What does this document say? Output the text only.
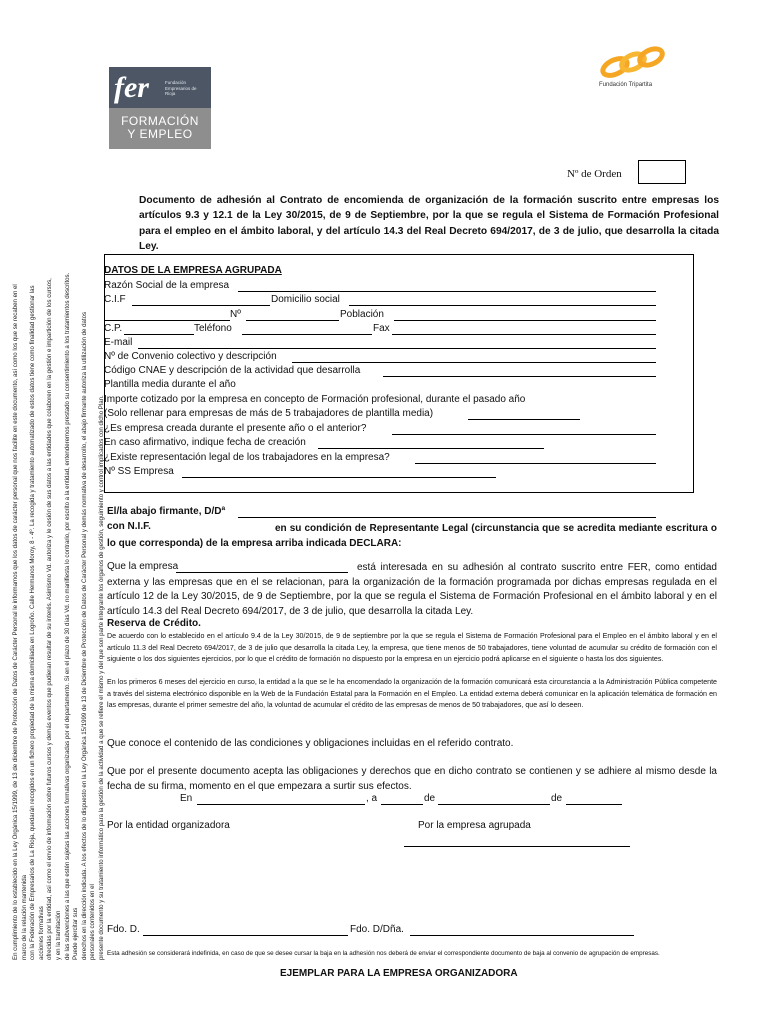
En cumplimiento de lo establecido en la Ley Orgánica 15/1999, de 13 de diciembre de Protección de Datos de Carácter Personal le informamos que los datos de carácter personal que nos facilite en este documento, así como los que se recaben en el marco de la relación mantenida con la Federación de Empresarios de La Rioja, quedarán recogidos en un fichero propiedad de la misma domiciliada en Logroño. Calle Hermanos Moroy, 8 - 4º. La recogida y tratamiento automatizado de estos datos tiene como finalidad gestionar las acciones formativas ofrecidas por la entidad, así como el envío de información sobre futuros cursos y demás eventos que pudieran resultar de su interés. Asimismo Vd. autoriza y le cesión de sus datos a las entidades que colaboren en la gestión e impartición de los cursos, y en la tramitación de las subvenciones a las que estén sujetas las acciones formativas organizadas por el departamento. Si en el plazo de 30 días Vd. no manifiesta lo contrario, por escrito a la entidad, entenderemos prestado su consentimiento a los tratamientos descritos. Puede ejercitar sus derechos en la dirección indicada. A los efectos de lo dispuesto en la Ley Orgánica 15/1999 de 13 de Diciembre de Protección de Datos de Carácter Personal y demás normativa de desarrollo, el abajo firmante autoriza la utilización de datos personales contenidos en el presente documento y su tratamiento informático para la gestión de la actividad a que se refiere el mismo y del que son parte integrante los órganos de gestión, seguimiento y control implicados con dicho Plan.
fer	Fundación Empresarios de Rioja
FORMACIÓN
Y EMPLEO
Fundación Tripartita
Nº de Orden
Documento de adhesión al Contrato de encomienda de organización de la formación suscrito entre empresas los artículos 9.3 y 12.1 de la Ley 30/2015, de 9 de Septiembre, por la que se regula el Sistema de Formación Profesional para el empleo en el ámbito laboral, y del artículo 14.3 del Real Decreto 694/2017, de 3 de julio, que desarrolla la citada Ley.
DATOS DE LA EMPRESA AGRUPADA
Razón Social de la empresa
C.I.F	Domicilio social
Nº	Población
C.P.	Teléfono	Fax
E-mail
Nº de Convenio colectivo y descripción
Código CNAE y descripción de la actividad que desarrolla
Plantilla media durante el año
Importe cotizado por la empresa en concepto de Formación profesional, durante el pasado año
(Solo rellenar para empresas de más de 5 trabajadores de plantilla media)
¿Es empresa creada durante el presente año o el anterior?
En caso afirmativo, indique fecha de creación
¿Existe representación legal de los trabajadores en la empresa?
Nº SS Empresa
El/la abajo firmante, D/Dª
con N.I.F.	en su condición de Representante Legal (circunstancia que se acredita mediante escritura o lo que corresponda) de la empresa arriba indicada DECLARA:
Que la empresa	está interesada en su adhesión al contrato suscrito entre FER, como entidad externa y las empresas que en el se relacionan, para la organización de la formación programada por dichas empresas regulada en el artículo 12 de la Ley 30/2015, de 9 de Septiembre, por la que se regula el Sistema de Formación Profesional en el ámbito laboral y en el artículo 14.3 del Real Decreto 694/2017, de 3 de julio, que desarrolla la citada Ley.
Reserva de Crédito.
De acuerdo con lo establecido en el artículo 9.4 de la Ley 30/2015, de 9 de septiembre por la que se regula el Sistema de Formación Profesional para el Empleo en el ámbito laboral y en el artículo 11.3 del Real Decreto 694/2017, de 3 de julio que desarrolla la citada Ley, la empresa, que tiene menos de 50 trabajadores, tiene voluntad de acumular su crédito de formación con el siguiente o los dos siguientes ejercicios, por lo que el crédito de formación no dispuesto por la empresa en un ejercicio podrá aplicarse en el siguiente o hasta los dos siguientes.
En los primeros 6 meses del ejercicio en curso, la entidad a la que se le ha encomendado la organización de la formación comunicará esta circunstancia a la Administración Pública competente a través del sistema electrónico disponible en la Web de la Fundación Estatal para la Formación en el Empleo. La entidad externa deberá comunicar en la aplicación telemática de formación en las empresas, durante el primer semestre del año, la voluntad de acumular el crédito de las empresas de menos de 50 trabajadores, que así lo deseen.
Que conoce el contenido de las condiciones y obligaciones incluidas en el referido contrato.
Que por el presente documento acepta las obligaciones y derechos que en dicho contrato se contienen y se adhiere al mismo desde la fecha de su firma, momento en el que empezara a surtir sus efectos.
En	, a	de	de
Por la entidad organizadora	Por la empresa agrupada
Fdo. D.	Fdo. D/Dña.
Esta adhesión se considerará indefinida, en caso de que se desee cursar la baja en la adhesión nos deberá de enviar el correspondiente documento de baja al convenio de agrupación de empresas.
EJEMPLAR PARA LA EMPRESA ORGANIZADORA
